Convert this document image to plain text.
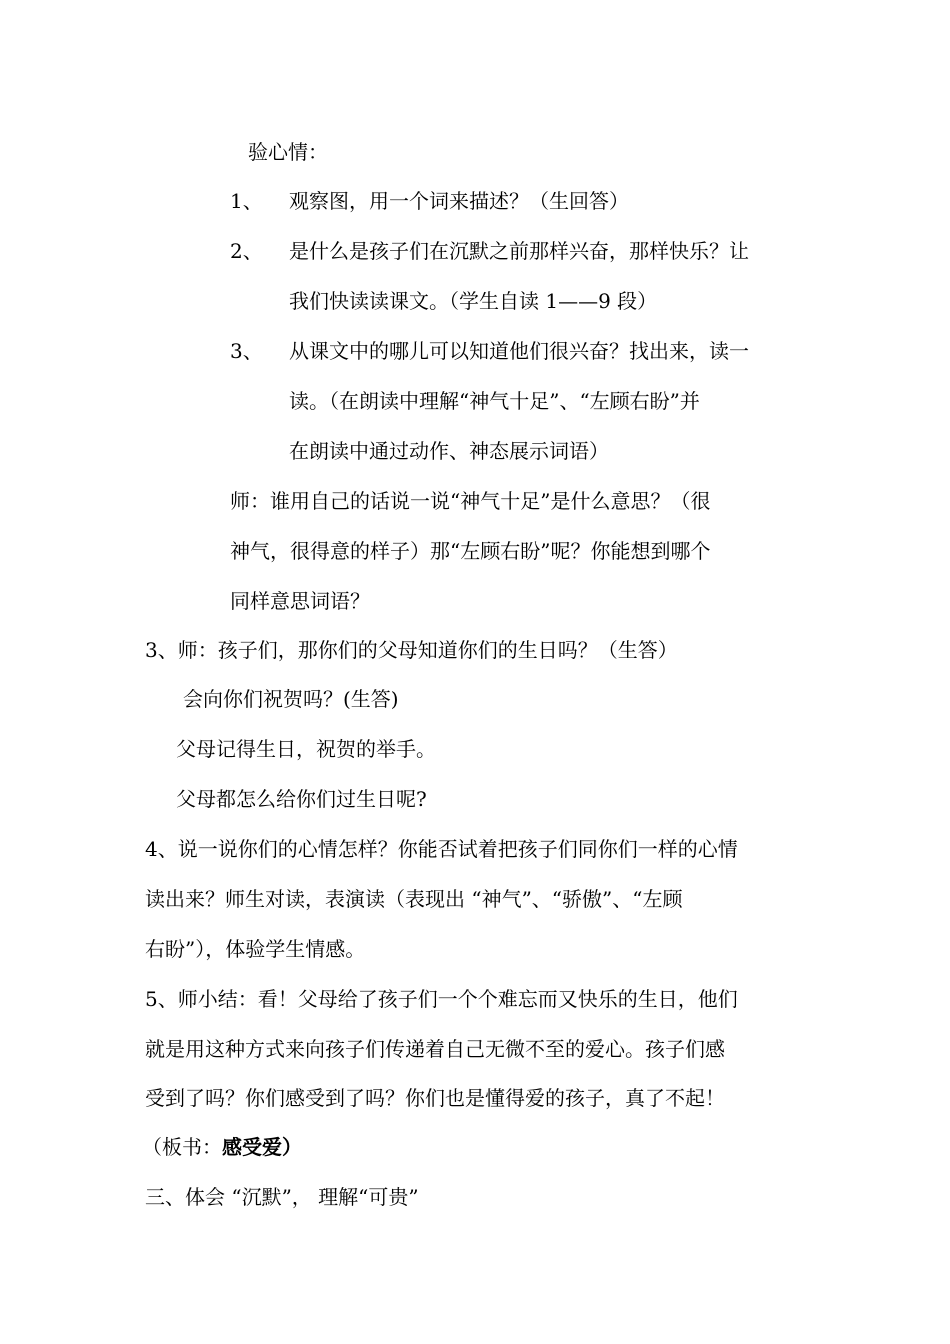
验心情：
1、 观察图，用一个词来描述？（生回答）
2、 是什么是孩子们在沉默之前那样兴奋，那样快乐？让
我们快读读课文。（学生自读 1——9 段）
3、 从课文中的哪儿可以知道他们很兴奋？找出来，读一
读。（在朗读中理解“神气十足”、“左顾右盼”并
在朗读中通过动作、神态展示词语）
师：谁用自己的话说一说“神气十足”是什么意思？（很
神气，很得意的样子）那“左顾右盼”呢？你能想到哪个
同样意思词语？
3、师：孩子们，那你们的父母知道你们的生日吗？（生答）
会向你们祝贺吗？(生答)
父母记得生日，祝贺的举手。
父母都怎么给你们过生日呢?
4、说一说你们的心情怎样？你能否试着把孩子们同你们一样的心情
读出来？师生对读，表演读（表现出 “神气”、“骄傲”、“左顾
右盼”），体验学生情感。
5、师小结：看！父母给了孩子们一个个难忘而又快乐的生日，他们
就是用这种方式来向孩子们传递着自己无微不至的爱心。孩子们感
受到了吗？你们感受到了吗？你们也是懂得爱的孩子，真了不起！
（板书：感受爱）
三、体会 “沉默”， 理解“可贵”
